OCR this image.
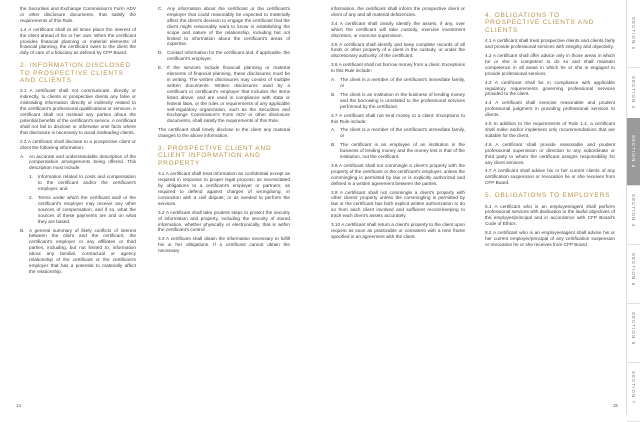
the Securities and Exchange Commission's Form ADV or other disclosure documents, that satisfy the requirements of this Rule.

1.4 A certificant shall at all times place the interest of the client ahead of his or her own. When the certificant provides financial planning or material elements of financial planning, the certificant owes to the client the duty of care of a fiduciary as defined by CFP Board.

2. INFORMATION DISCLOSED TO PROSPECTIVE CLIENTS AND CLIENTS

2.1 A certificant shall not communicate, directly or indirectly, to clients or prospective clients any false or misleading information directly or indirectly related to the certificant's professional qualifications or services. A certificant shall not mislead any parties about the potential benefits of the certificant's service. A certificant shall not fail to disclose or otherwise omit facts where that disclosure is necessary to avoid misleading clients.

2.2 A certificant shall disclose to a prospective client or client the following information:

A. An accurate and understandable description of the compensation arrangements being offered. This description must include:

1. Information related to costs and compensation to the certificant and/or the certificant's employer, and

2. Terms under which the certificant and/ or the certificant's employer may receive any other sources of compensation, and if so, what the sources of these payments are and on what they are based.

B. A general summary of likely conflicts of interest between the client and the certificant, the certificant's employer or any affiliates or third parties, including, but not limited to, information about any familial, contractual or agency relationship of the certificant or the certificant's employer that has a potential to materially affect the relationship.

C. Any information about the certificant or the certificant's employer that could reasonably be expected to materially affect the client's decision to engage the certificant that the client might reasonably want to know in establishing the scope and nature of the relationship, including but not limited to information about the certificant's areas of expertise.

D. Contact information for the certificant and, if applicable, the certificant's employer.

E. If the services include financial planning or material elements of financial planning, these disclosures must be in writing. The written disclosures may consist of multiple written documents. Written disclosures used by a certificant or certificant's employer that includes the items listed above, and are used in compliance with state or federal laws, or the rules or requirements of any applicable self-regulatory organization, such as the Securities and Exchange Commission's Form ADV or other disclosure documents, shall satisfy the requirements of this Rule.

The certificant shall timely disclose to the client any material changes to the above information.

3. PROSPECTIVE CLIENT AND CLIENT INFORMATION AND PROPERTY

3.1 A certificant shall treat information as confidential except as required in response to proper legal process; as necessitated by obligations to a certificant's employer or partners; as required to defend against charges of wrongdoing; in connection with a civil dispute; or as needed to perform the services.

3.2 A certificant shall take prudent steps to protect the security of information and property, including the security of stored information, whether physically or electronically, that is within the certificant's control.

3.3 A certificant shall obtain the information necessary to fulfill his or her obligations. If a certificant cannot obtain the necessary

14

information, the certificant shall inform the prospective client or client of any and all material deficiencies.

3.4 A certificant shall clearly identify the assets, if any, over which the certificant will take custody, exercise investment discretion, or exercise supervision.

3.5 A certificant shall identify and keep complete records of all funds or other property of a client in the custody, or under the discretionary authority, of the certificant.

3.6 A certificant shall not borrow money from a client. Exceptions to this Rule include:

A. The client is a member of the certificant's immediate family, or

B. The client is an institution in the business of lending money and the borrowing is unrelated to the professional services performed by the certificant.

3.7 A certificant shall not lend money to a client. Exceptions to this Rule include:

A. The client is a member of the certificant's immediate family, or

B. The certificant is an employee of an institution in the business of lending money and the money lent is that of the institution, not the certificant.

3.8 A certificant shall not commingle a client's property with the property of the certificant or the certificant's employer, unless the commingling is permitted by law or is explicitly authorized and defined in a written agreement between the parties.

3.9 A certificant shall not commingle a client's property with other clients' property unless the commingling is permitted by law or the certificant has both explicit written authorization to do so from each client involved and sufficient record-keeping to track each client's assets accurately.

3.10 A certificant shall return a client's property to the client upon request as soon as practicable or consistent with a time frame specified in an agreement with the client.

4. OBLIGATIONS TO PROSPECTIVE CLIENTS AND CLIENTS

4.1 A certificant shall treat prospective clients and clients fairly and provide professional services with integrity and objectivity.

4.2 A certificant shall offer advice only in those areas in which he or she is competent to do so and shall maintain competence in all areas in which he or she is engaged to provide professional services.

4.3 A certificant shall be in compliance with applicable regulatory requirements governing professional services provided to the client.

4.4 A certificant shall exercise reasonable and prudent professional judgment in providing professional services to clients.

4.5 In addition to the requirements of Rule 1.4, a certificant shall make and/or implement only recommendations that are suitable for the client.

4.6 A certificant shall provide reasonable and prudent professional supervision or direction to any subordinate or third party to whom the certificant assigns responsibility for any client services.

4.7 A certificant shall advise his or her current clients of any certification suspension or revocation he or she receives from CFP Board.

5. OBLIGATIONS TO EMPLOYERS

5.1 A certificant who is an employee/agent shall perform professional services with dedication to the lawful objectives of the employer/principal and in accordance with CFP Board's Code of Ethics.

5.2 A certificant who is an employee/agent shall advise his or her current employer/principal of any certification suspension or revocation he or she receives from CFP Board.

SECTION 1
SECTION 2
SECTION 3
SECTION 4
SECTION 5
SECTION 6
SECTION 7
15
